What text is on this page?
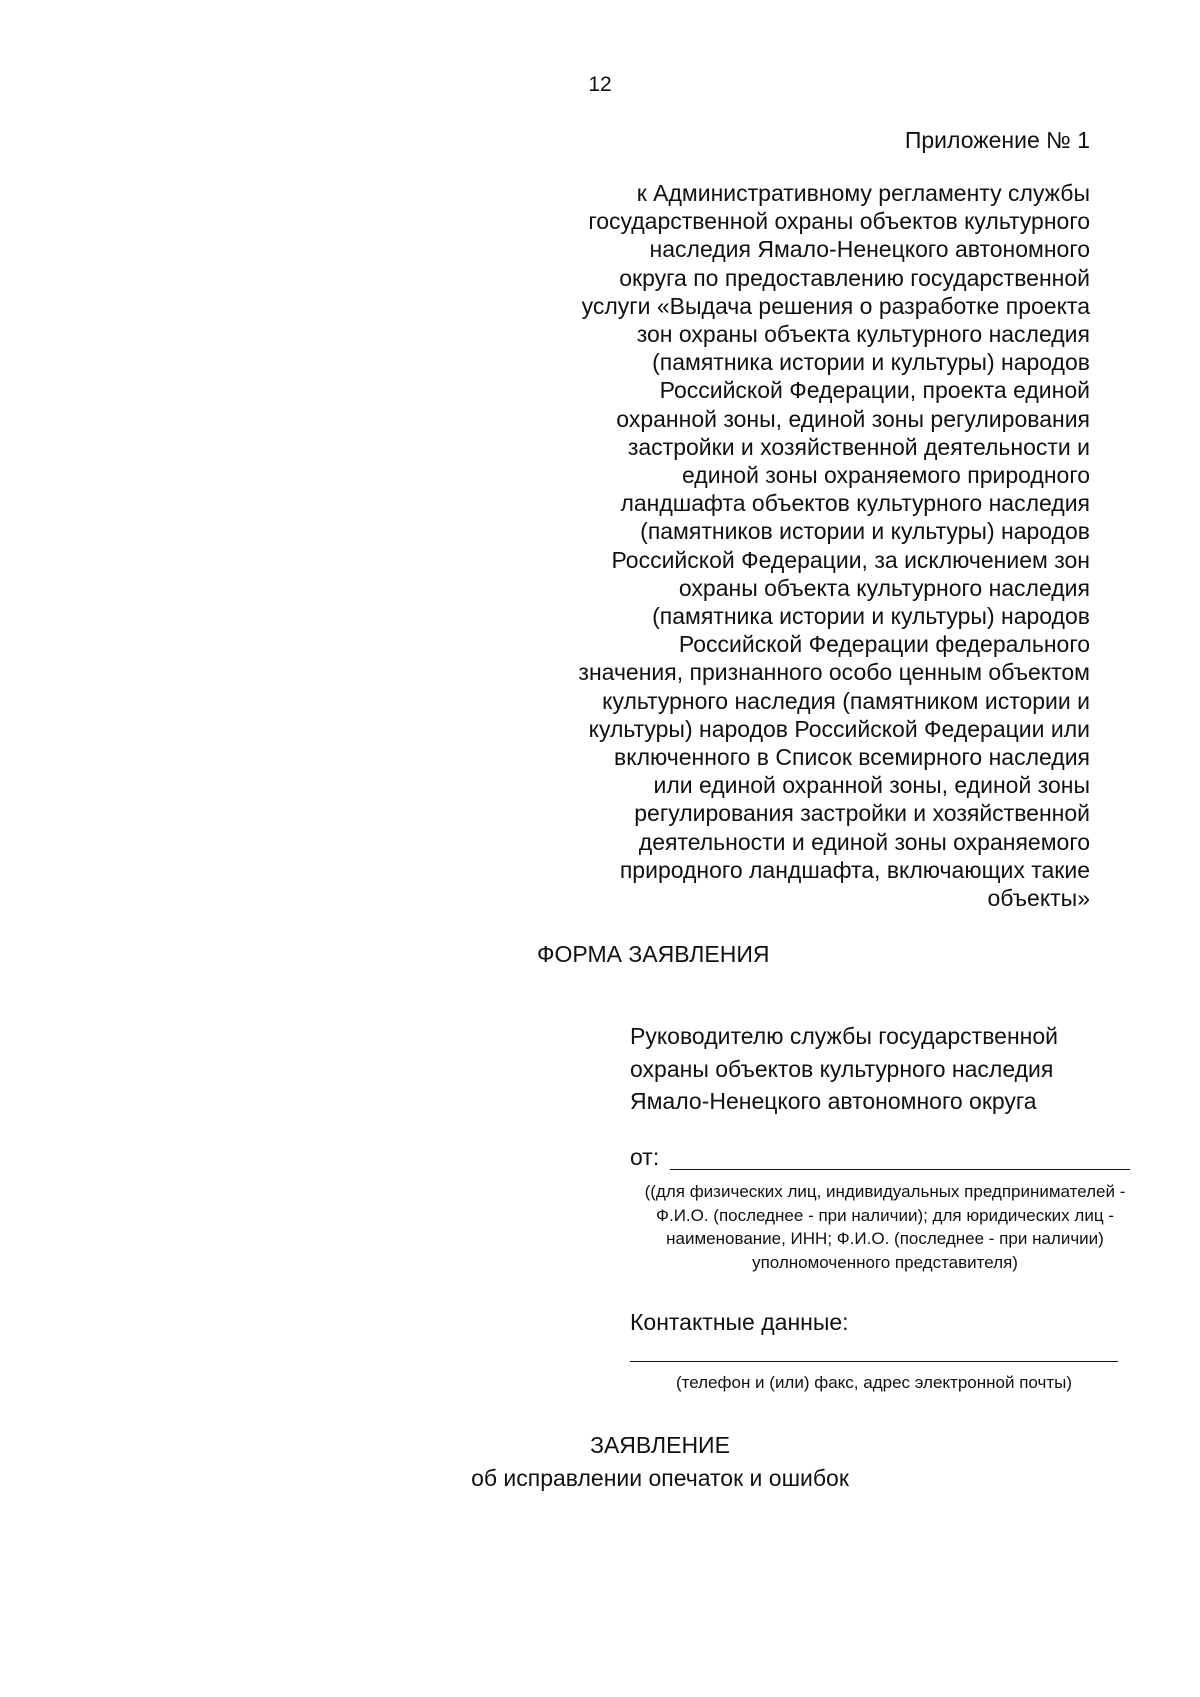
12
Приложение № 1
к Административному регламенту службы
государственной охраны объектов культурного
наследия Ямало-Ненецкого автономного
округа по предоставлению государственной
услуги «Выдача решения о разработке проекта
зон охраны объекта культурного наследия
(памятника истории и культуры) народов
Российской Федерации, проекта единой
охранной зоны, единой зоны регулирования
застройки и хозяйственной деятельности и
единой зоны охраняемого природного
ландшафта объектов культурного наследия
(памятников истории и культуры) народов
Российской Федерации, за исключением зон
охраны объекта культурного наследия
(памятника истории и культуры) народов
Российской Федерации федерального
значения, признанного особо ценным объектом
культурного наследия (памятником истории и
культуры) народов Российской Федерации или
включенного в Список всемирного наследия
или единой охранной зоны, единой зоны
регулирования застройки и хозяйственной
деятельности и единой зоны охраняемого
природного ландшафта, включающих такие
объекты»
ФОРМА ЗАЯВЛЕНИЯ
Руководителю службы государственной
охраны объектов культурного наследия
Ямало-Ненецкого автономного округа
от:
((для физических лиц, индивидуальных предпринимателей - Ф.И.О. (последнее - при наличии); для юридических лиц - наименование, ИНН; Ф.И.О. (последнее - при наличии) уполномоченного представителя)
Контактные данные:
(телефон и (или) факс, адрес электронной почты)
ЗАЯВЛЕНИЕ
об исправлении опечаток и ошибок
